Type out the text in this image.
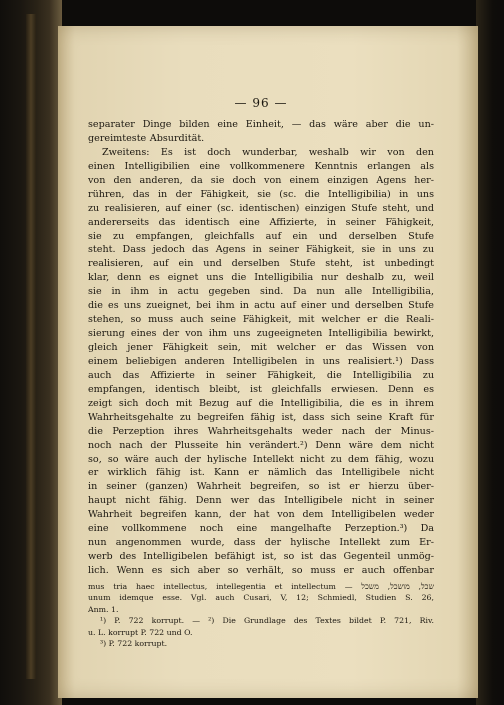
— 96 —
separater Dinge bilden eine Einheit, — das wäre aber die un-
gereimteste Absurdität.
Zweitens: Es ist doch wunderbar, weshalb wir von den
einen Intelligibilien eine vollkommenere Kenntnis erlangen als
von den anderen, da sie doch von einem einzigen Agens her-
rühren, das in der Fähigkeit, sie (sc. die Intelligibilia) in uns
zu realisieren, auf einer (sc. identischen) einzigen Stufe steht, und
andererseits das identisch eine Affizierte, in seiner Fähigkeit,
sie zu empfangen, gleichfalls auf ein und derselben Stufe
steht. Dass jedoch das Agens in seiner Fähigkeit, sie in uns zu
realisieren, auf ein und derselben Stufe steht, ist unbedingt
klar, denn es eignet uns die Intelligibilia nur deshalb zu, weil
sie in ihm in actu gegeben sind. Da nun alle Intelligibilia,
die es uns zueignet, bei ihm in actu auf einer und derselben Stufe
stehen, so muss auch seine Fähigkeit, mit welcher er die Reali-
sierung eines der von ihm uns zugeeigneten Intelligibilia bewirkt,
gleich jener Fähigkeit sein, mit welcher er das Wissen von
einem beliebigen anderen Intelligibelen in uns realisiert.¹) Dass
auch das Affizierte in seiner Fähigkeit, die Intelligibilia zu
empfangen, identisch bleibt, ist gleichfalls erwiesen. Denn es
zeigt sich doch mit Bezug auf die Intelligibilia, die es in ihrem
Wahrheitsgehalte zu begreifen fähig ist, dass sich seine Kraft für
die Perzeption ihres Wahrheitsgehalts weder nach der Minus-
noch nach der Plusseite hin verändert.²) Denn wäre dem nicht
so, so wäre auch der hylische Intellekt nicht zu dem fähig, wozu
er wirklich fähig ist. Kann er nämlich das Intelligibele nicht
in seiner (ganzen) Wahrheit begreifen, so ist er hierzu über-
haupt nicht fähig. Denn wer das Intelligibele nicht in seiner
Wahrheit begreifen kann, der hat von dem Intelligibelen weder
eine vollkommene noch eine mangelhafte Perzeption.³) Da
nun angenommen wurde, dass der hylische Intellekt zum Er-
werb des Intelligibelen befähigt ist, so ist das Gegenteil unmög-
lich. Wenn es sich aber so verhält, so muss er auch offenbar
mus tria haec intellectus, intellegentia et intellectum — שכל, מושכל, משכל
unum idemque esse. Vgl. auch Cusari, V, 12; Schmiedl, Studien S. 26,
Anm. 1.
¹) P. 722 korrupt. — ²) Die Grundlage des Textes bildet P. 721, Riv.
u. L. korrupt P. 722 und O.
³) P. 722 korrupt.
